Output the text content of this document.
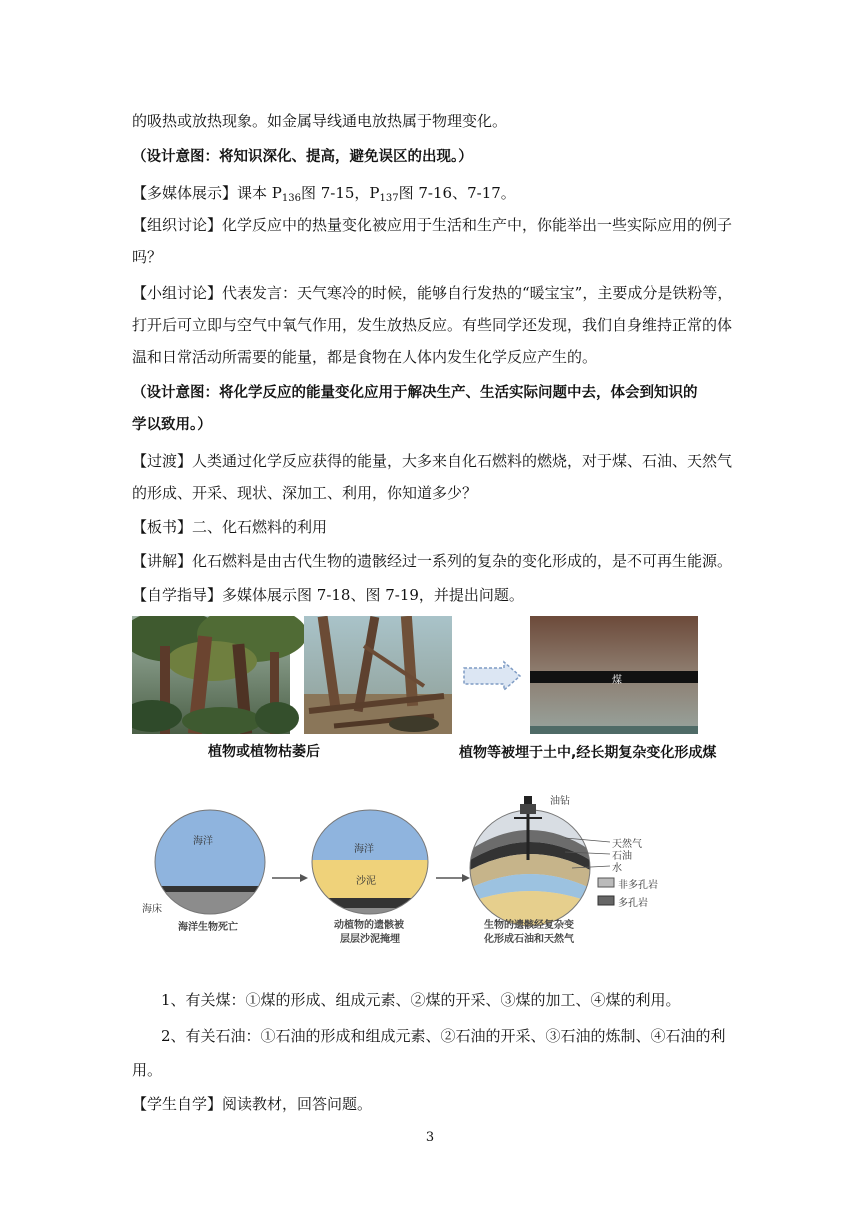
的吸热或放热现象。如金属导线通电放热属于物理变化。
（设计意图：将知识深化、提高，避免误区的出现。）
【多媒体展示】课本 $P_{136}$图 7-15，$P_{137}$图 7-16、7-17。
【组织讨论】化学反应中的热量变化被应用于生活和生产中，你能举出一些实际应用的例子
吗？
【小组讨论】代表发言：天气寒冷的时候，能够自行发热的“暖宝宝”，主要成分是铁粉等，
打开后可立即与空气中氧气作用，发生放热反应。有些同学还发现，我们自身维持正常的体
温和日常活动所需要的能量，都是食物在人体内发生化学反应产生的。
（设计意图：将化学反应的能量变化应用于解决生产、生活实际问题中去，体会到知识的
学以致用。）
【过渡】人类通过化学反应获得的能量，大多来自化石燃料的燃烧，对于煤、石油、天然气
的形成、开采、现状、深加工、利用，你知道多少？
【板书】二、化石燃料的利用
【讲解】化石燃料是由古代生物的遗骸经过一系列的复杂的变化形成的，是不可再生能源。
【自学指导】多媒体展示图 7-18、图 7-19，并提出问题。
煤
植物或植物枯萎后	植物等被埋于土中,经长期复杂变化形成煤
海洋
海床
海洋生物死亡
海洋
沙泥
动植物的遗骸被
层层沙泥掩埋
油钻
天然气
石油
水
非多孔岩
多孔岩
生物的遗骸经复杂变
化形成石油和天然气
1、有关煤：①煤的形成、组成元素、②煤的开采、③煤的加工、④煤的利用。
2、有关石油：①石油的形成和组成元素、②石油的开采、③石油的炼制、④石油的利
用。
【学生自学】阅读教材，回答问题。
3
